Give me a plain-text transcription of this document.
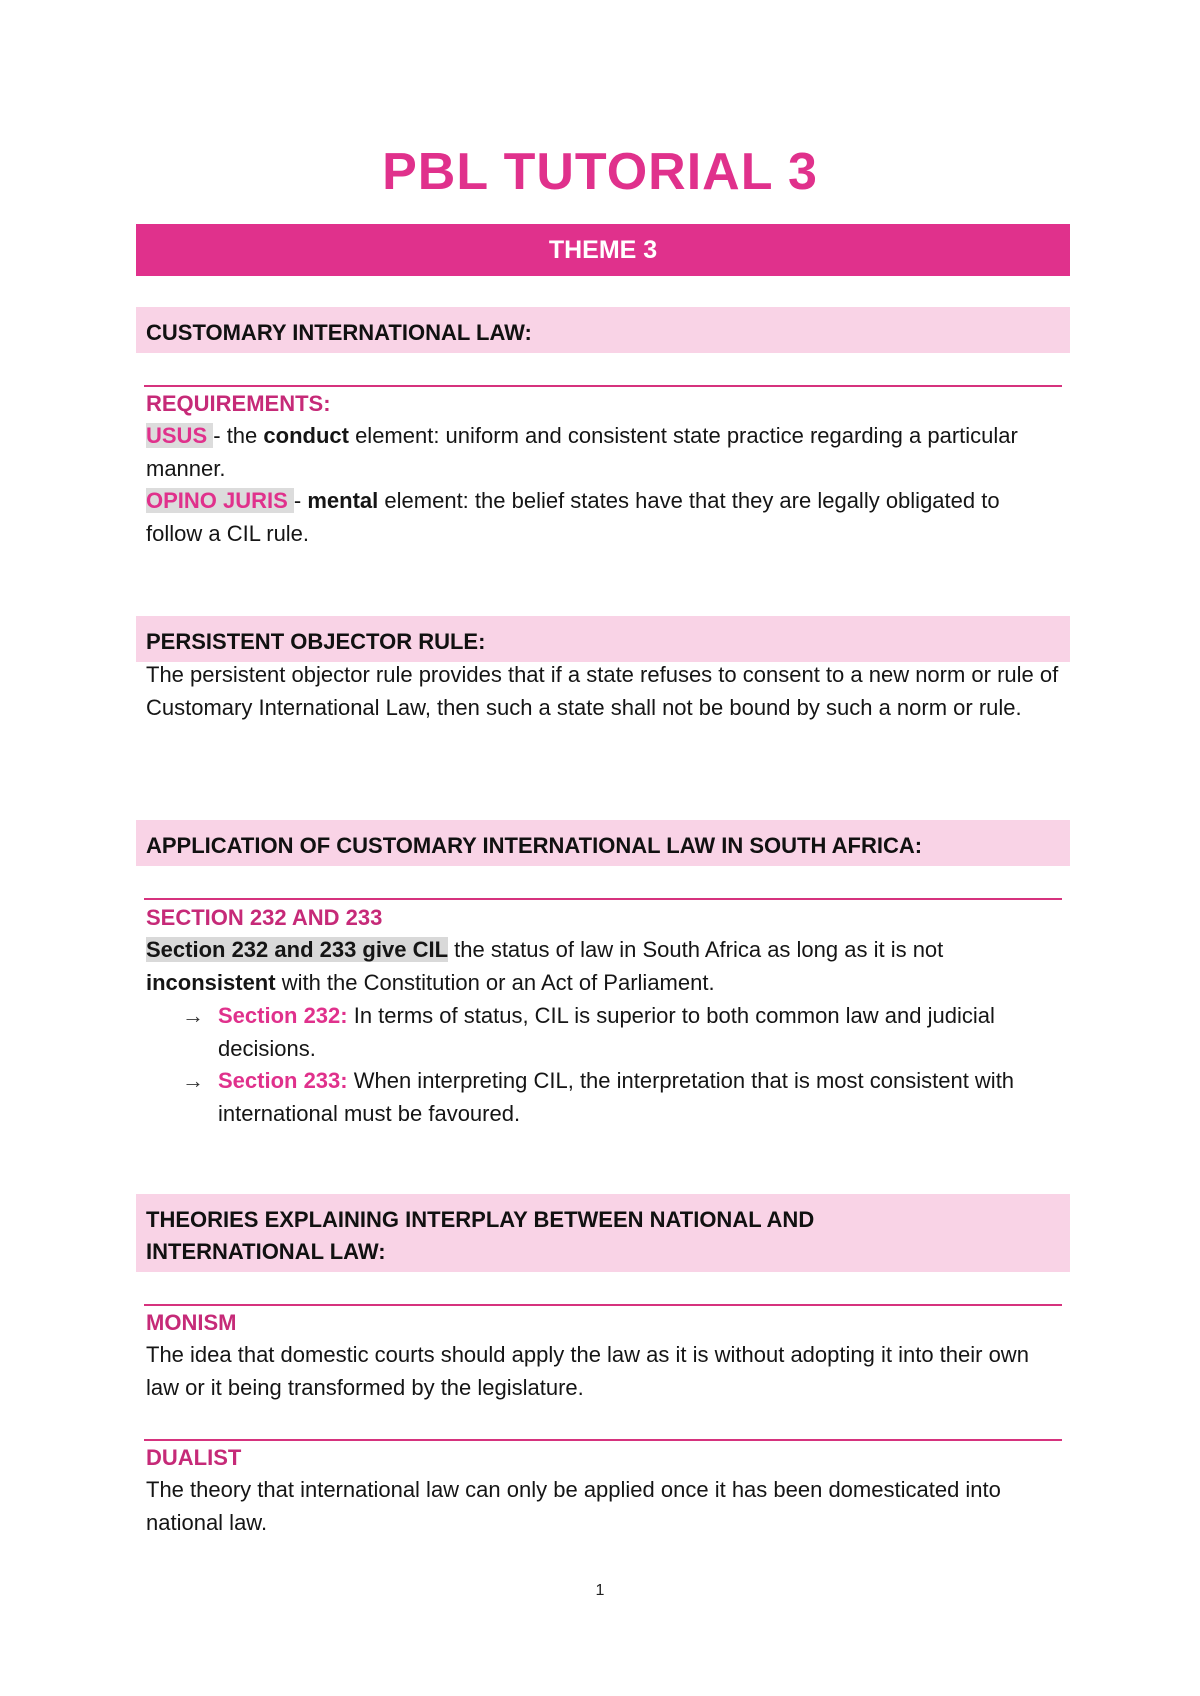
PBL TUTORIAL 3
THEME 3
CUSTOMARY INTERNATIONAL LAW:
REQUIREMENTS:
USUS - the conduct element: uniform and consistent state practice regarding a particular manner.
OPINO JURIS - mental element: the belief states have that they are legally obligated to follow a CIL rule.
PERSISTENT OBJECTOR RULE:
The persistent objector rule provides that if a state refuses to consent to a new norm or rule of Customary International Law, then such a state shall not be bound by such a norm or rule.
APPLICATION OF CUSTOMARY INTERNATIONAL LAW IN SOUTH AFRICA:
SECTION 232 AND 233
Section 232 and 233 give CIL the status of law in South Africa as long as it is not inconsistent with the Constitution or an Act of Parliament.
→ Section 232: In terms of status, CIL is superior to both common law and judicial decisions.
→ Section 233: When interpreting CIL, the interpretation that is most consistent with international must be favoured.
THEORIES EXPLAINING INTERPLAY BETWEEN NATIONAL AND
INTERNATIONAL LAW:
MONISM
The idea that domestic courts should apply the law as it is without adopting it into their own law or it being transformed by the legislature.
DUALIST
The theory that international law can only be applied once it has been domesticated into national law.
1
